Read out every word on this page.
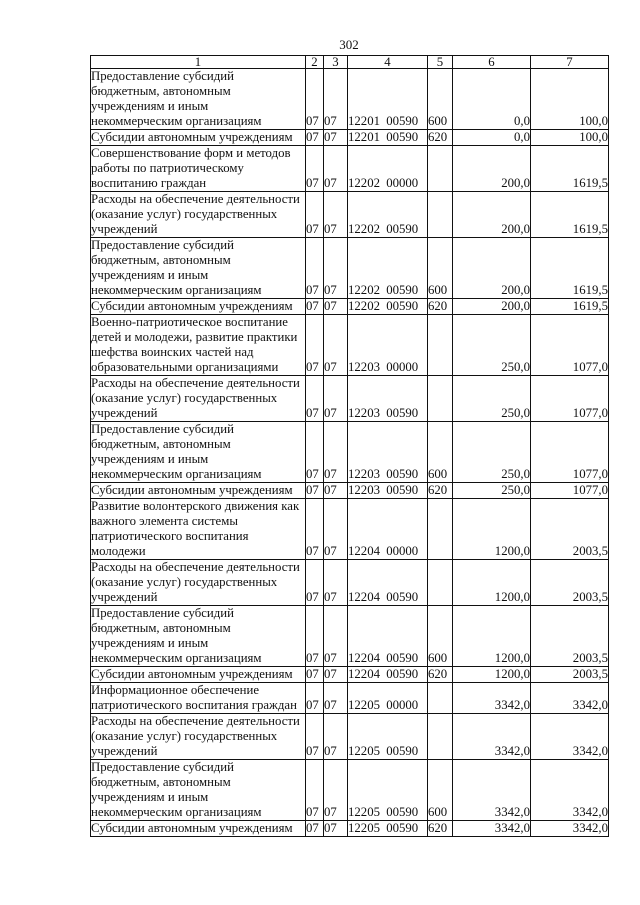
302
1	2	3	4	5	6	7
Предоставление субсидий
бюджетным, автономным
учреждениям и иным
некоммерческим организациям	07	07	12201 00590	600	0,0	100,0
Субсидии автономным учреждениям	07	07	12201 00590	620	0,0	100,0
Совершенствование форм и методов
работы по патриотическому
воспитанию граждан	07	07	12202 00000		200,0	1619,5
Расходы на обеспечение деятельности
(оказание услуг) государственных
учреждений	07	07	12202 00590		200,0	1619,5
Предоставление субсидий
бюджетным, автономным
учреждениям и иным
некоммерческим организациям	07	07	12202 00590	600	200,0	1619,5
Субсидии автономным учреждениям	07	07	12202 00590	620	200,0	1619,5
Военно-патриотическое воспитание
детей и молодежи, развитие практики
шефства воинских частей над
образовательными организациями	07	07	12203 00000		250,0	1077,0
Расходы на обеспечение деятельности
(оказание услуг) государственных
учреждений	07	07	12203 00590		250,0	1077,0
Предоставление субсидий
бюджетным, автономным
учреждениям и иным
некоммерческим организациям	07	07	12203 00590	600	250,0	1077,0
Субсидии автономным учреждениям	07	07	12203 00590	620	250,0	1077,0
Развитие волонтерского движения как
важного элемента системы
патриотического воспитания
молодежи	07	07	12204 00000		1200,0	2003,5
Расходы на обеспечение деятельности
(оказание услуг) государственных
учреждений	07	07	12204 00590		1200,0	2003,5
Предоставление субсидий
бюджетным, автономным
учреждениям и иным
некоммерческим организациям	07	07	12204 00590	600	1200,0	2003,5
Субсидии автономным учреждениям	07	07	12204 00590	620	1200,0	2003,5
Информационное обеспечение
патриотического воспитания граждан	07	07	12205 00000		3342,0	3342,0
Расходы на обеспечение деятельности
(оказание услуг) государственных
учреждений	07	07	12205 00590		3342,0	3342,0
Предоставление субсидий
бюджетным, автономным
учреждениям и иным
некоммерческим организациям	07	07	12205 00590	600	3342,0	3342,0
Субсидии автономным учреждениям	07	07	12205 00590	620	3342,0	3342,0
